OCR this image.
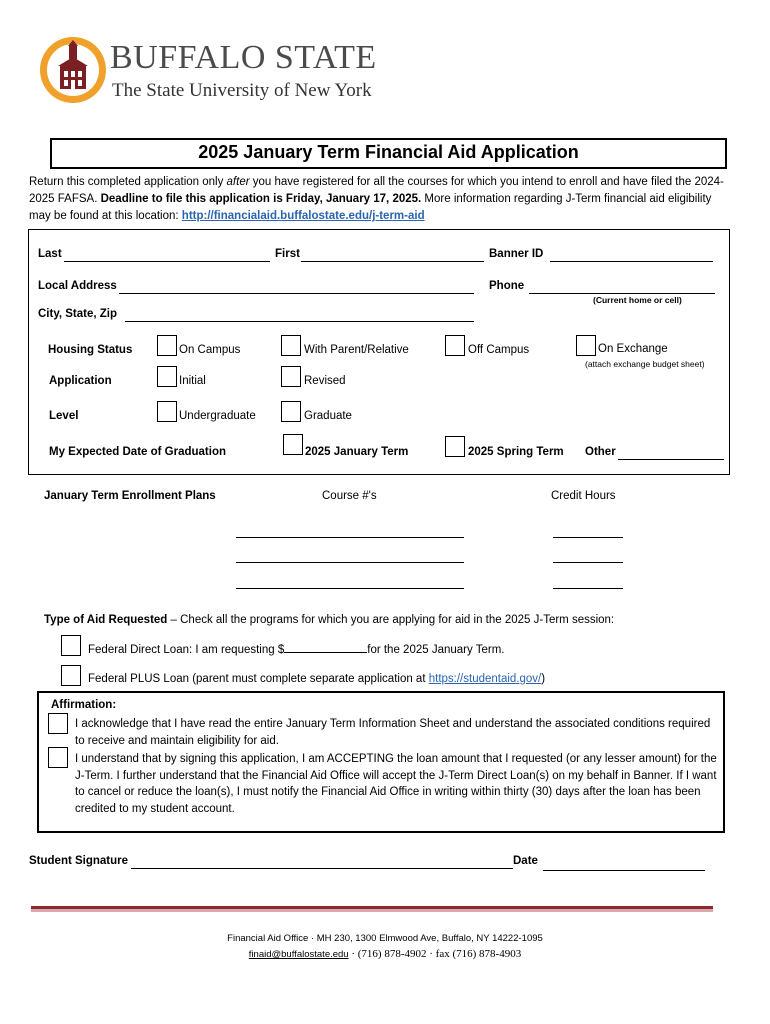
BUFFALO STATE
The State University of New York
2025 January Term Financial Aid Application
Return this completed application only after you have registered for all the courses for which you intend to enroll and have filed the 2024-2025 FAFSA. Deadline to file this application is Friday, January 17, 2025. More information regarding J-Term financial aid eligibility may be found at this location: http://financialaid.buffalostate.edu/j-term-aid
Last	First	Banner ID
Local Address	Phone
(Current home or cell)
City, State, Zip
Housing Status	On Campus	With Parent/Relative	Off Campus	On Exchange
(attach exchange budget sheet)
Application	Initial	Revised
Level	Undergraduate	Graduate
My Expected Date of Graduation	2025 January Term	2025 Spring Term Other
January Term Enrollment Plans	Course #'s	Credit Hours
Type of Aid Requested – Check all the programs for which you are applying for aid in the 2025 J-Term session:
Federal Direct Loan: I am requesting $	for the 2025 January Term.
Federal PLUS Loan (parent must complete separate application at https://studentaid.gov/)
Affirmation:
I acknowledge that I have read the entire January Term Information Sheet and understand the associated conditions required to receive and maintain eligibility for aid.
I understand that by signing this application, I am ACCEPTING the loan amount that I requested (or any lesser amount) for the J-Term. I further understand that the Financial Aid Office will accept the J-Term Direct Loan(s) on my behalf in Banner. If I want to cancel or reduce the loan(s), I must notify the Financial Aid Office in writing within thirty (30) days after the loan has been credited to my student account.
Student Signature	Date
Financial Aid Office · MH 230, 1300 Elmwood Ave, Buffalo, NY 14222-1095
finaid@buffalostate.edu · (716) 878-4902 · fax (716) 878-4903
